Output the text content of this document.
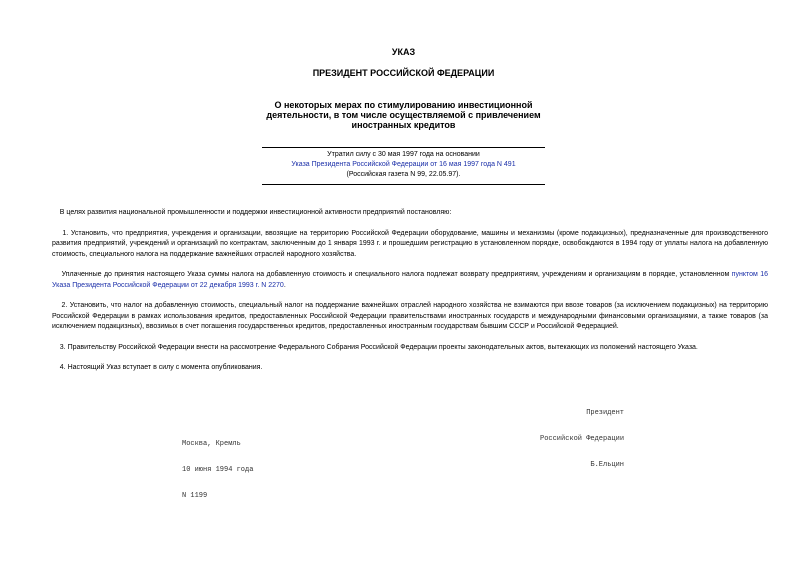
УКАЗ
ПРЕЗИДЕНТ РОССИЙСКОЙ ФЕДЕРАЦИИ
О некоторых мерах по стимулированию инвестиционной
деятельности, в том числе осуществляемой с привлечением
иностранных кредитов
Утратил силу с 30 мая 1997 года на основании
Указа Президента Российской Федерации от 16 мая 1997 года N 491
(Российская газета N 99, 22.05.97).

В целях развития национальной промышленности и поддержки инвестиционной активности предприятий постановляю:

1. Установить, что предприятия, учреждения и организации, ввозящие на территорию Российской Федерации оборудование, машины и механизмы (кроме подакцизных), предназначенные для производственного развития предприятий, учреждений и организаций по контрактам, заключенным до 1 января 1993 г. и прошедшим регистрацию в установленном порядке, освобождаются в 1994 году от уплаты налога на добавленную стоимость, специального налога на поддержание важнейших отраслей народного хозяйства.

Уплаченные до принятия настоящего Указа суммы налога на добавленную стоимость и специального налога подлежат возврату предприятиям, учреждениям и организациям в порядке, установленном пунктом 16 Указа Президента Российской Федерации от 22 декабря 1993 г. N 2270.

2. Установить, что налог на добавленную стоимость, специальный налог на поддержание важнейших отраслей народного хозяйства не взимаются при ввозе товаров (за исключением подакцизных) на территорию Российской Федерации в рамках использования кредитов, предоставленных Российской Федерации правительствами иностранных государств и международными финансовыми организациями, а также товаров (за исключением подакцизных), ввозимых в счет погашения государственных кредитов, предоставленных иностранным государствам бывшим СССР и Российской Федерацией.

3. Правительству Российской Федерации внести на рассмотрение Федерального Собрания Российской Федерации проекты законодательных актов, вытекающих из положений настоящего Указа.

4. Настоящий Указ вступает в силу с момента опубликования.

Президент

Российской Федерации

Б.Ельцин

Москва, Кремль

10 июня 1994 года

N 1199
